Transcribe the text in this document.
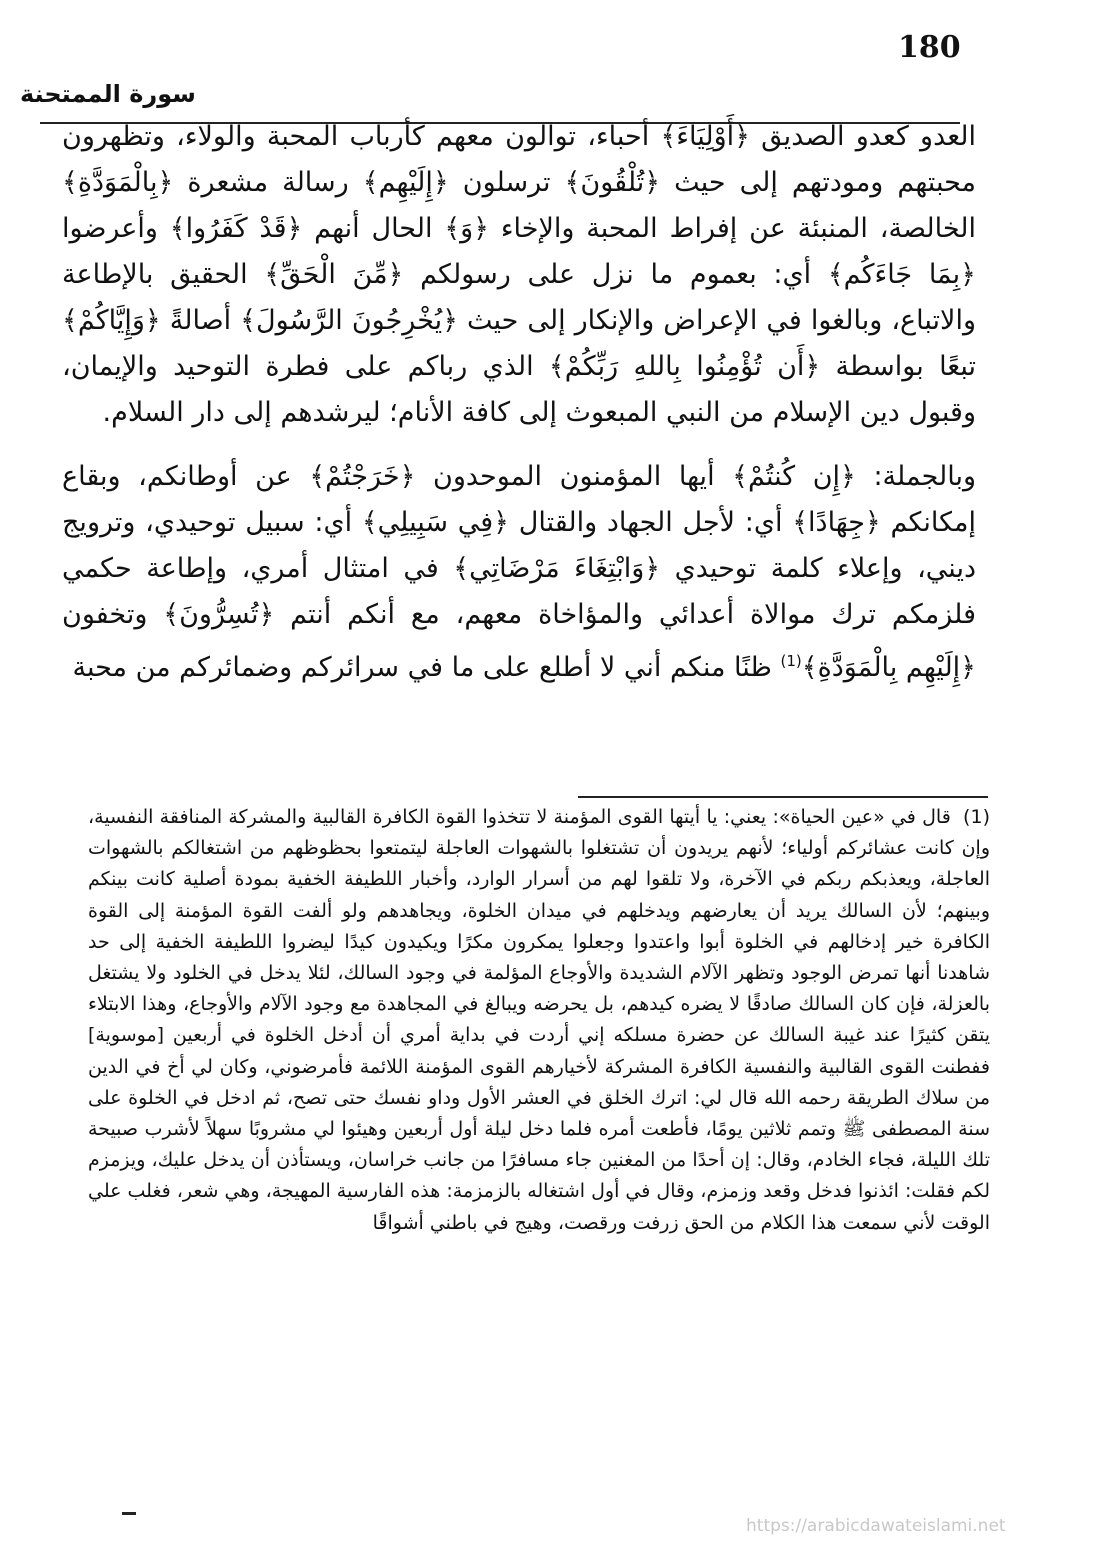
180
سورة الممتحنة

العدو كعدو الصديق ﴿أَوْلِيَاءَ﴾ أحباء، توالون معهم كأرباب المحبة والولاء، وتظهرون محبتهم ومودتهم إلى حيث ﴿تُلْقُونَ﴾ ترسلون ﴿إِلَيْهِم﴾ رسالة مشعرة ﴿بِالْمَوَدَّةِ﴾ الخالصة، المنبئة عن إفراط المحبة والإخاء ﴿وَ﴾ الحال أنهم ﴿قَدْ كَفَرُوا﴾ وأعرضوا ﴿بِمَا جَاءَكُم﴾ أي: بعموم ما نزل على رسولكم ﴿مِّنَ الْحَقِّ﴾ الحقيق بالإطاعة والاتباع، وبالغوا في الإعراض والإنكار إلى حيث ﴿يُخْرِجُونَ الرَّسُولَ﴾ أصالةً ﴿وَإِيَّاكُمْ﴾ تبعًا بواسطة ﴿أَن تُؤْمِنُوا بِاللهِ رَبِّكُمْ﴾ الذي رباكم على فطرة التوحيد والإيمان، وقبول دين الإسلام من النبي المبعوث إلى كافة الأنام؛ ليرشدهم إلى دار السلام.

وبالجملة: ﴿إِن كُنتُمْ﴾ أيها المؤمنون الموحدون ﴿خَرَجْتُمْ﴾ عن أوطانكم، وبقاع إمكانكم ﴿جِهَادًا﴾ أي: لأجل الجهاد والقتال ﴿فِي سَبِيلِي﴾ أي: سبيل توحيدي، وترويج ديني، وإعلاء كلمة توحيدي ﴿وَابْتِغَاءَ مَرْضَاتِي﴾ في امتثال أمري، وإطاعة حكمي فلزمكم ترك موالاة أعدائي والمؤاخاة معهم، مع أنكم أنتم ﴿تُسِرُّونَ﴾ وتخفون ﴿إِلَيْهِم بِالْمَوَدَّةِ﴾$^{(1)}$ ظنًا منكم أني لا أطلع على ما في سرائركم وضمائركم من محبة

(1) قال في «عين الحياة»: يعني: يا أيتها القوى المؤمنة لا تتخذوا القوة الكافرة القالبية والمشركة المنافقة النفسية، وإن كانت عشائركم أولياء؛ لأنهم يريدون أن تشتغلوا بالشهوات العاجلة ليتمتعوا بحظوظهم من اشتغالكم بالشهوات العاجلة، ويعذبكم ربكم في الآخرة، ولا تلقوا لهم من أسرار الوارد، وأخبار اللطيفة الخفية بمودة أصلية كانت بينكم وبينهم؛ لأن السالك يريد أن يعارضهم ويدخلهم في ميدان الخلوة، ويجاهدهم ولو ألفت القوة المؤمنة إلى القوة الكافرة خير إدخالهم في الخلوة أبوا واعتدوا وجعلوا يمكرون مكرًا ويكيدون كيدًا ليضروا اللطيفة الخفية إلى حد شاهدنا أنها تمرض الوجود وتظهر الآلام الشديدة والأوجاع المؤلمة في وجود السالك، لئلا يدخل في الخلود ولا يشتغل بالعزلة، فإن كان السالك صادقًا لا يضره كيدهم، بل يحرضه ويبالغ في المجاهدة مع وجود الآلام والأوجاع، وهذا الابتلاء يتقن كثيرًا عند غيبة السالك عن حضرة مسلكه إني أردت في بداية أمري أن أدخل الخلوة في أربعين [موسوية] ففطنت القوى القالبية والنفسية الكافرة المشركة لأخيارهم القوى المؤمنة اللائمة فأمرضوني، وكان لي أخ في الدين من سلاك الطريقة رحمه الله قال لي: اترك الخلق في العشر الأول وداو نفسك حتى تصح، ثم ادخل في الخلوة على سنة المصطفى ﷺ وتمم ثلاثين يومًا، فأطعت أمره فلما دخل ليلة أول أربعين وهيئوا لي مشروبًا سهلاً لأشرب صبيحة تلك الليلة، فجاء الخادم، وقال: إن أحدًا من المغنين جاء مسافرًا من جانب خراسان، ويستأذن أن يدخل عليك، ويزمزم لكم فقلت: ائذنوا فدخل وقعد وزمزم، وقال في أول اشتغاله بالزمزمة: هذه الفارسية المهيجة، وهي شعر، فغلب علي الوقت لأني سمعت هذا الكلام من الحق زرفت ورقصت، وهيج في باطني أشواقًا
https://arabicdawateislami.net
